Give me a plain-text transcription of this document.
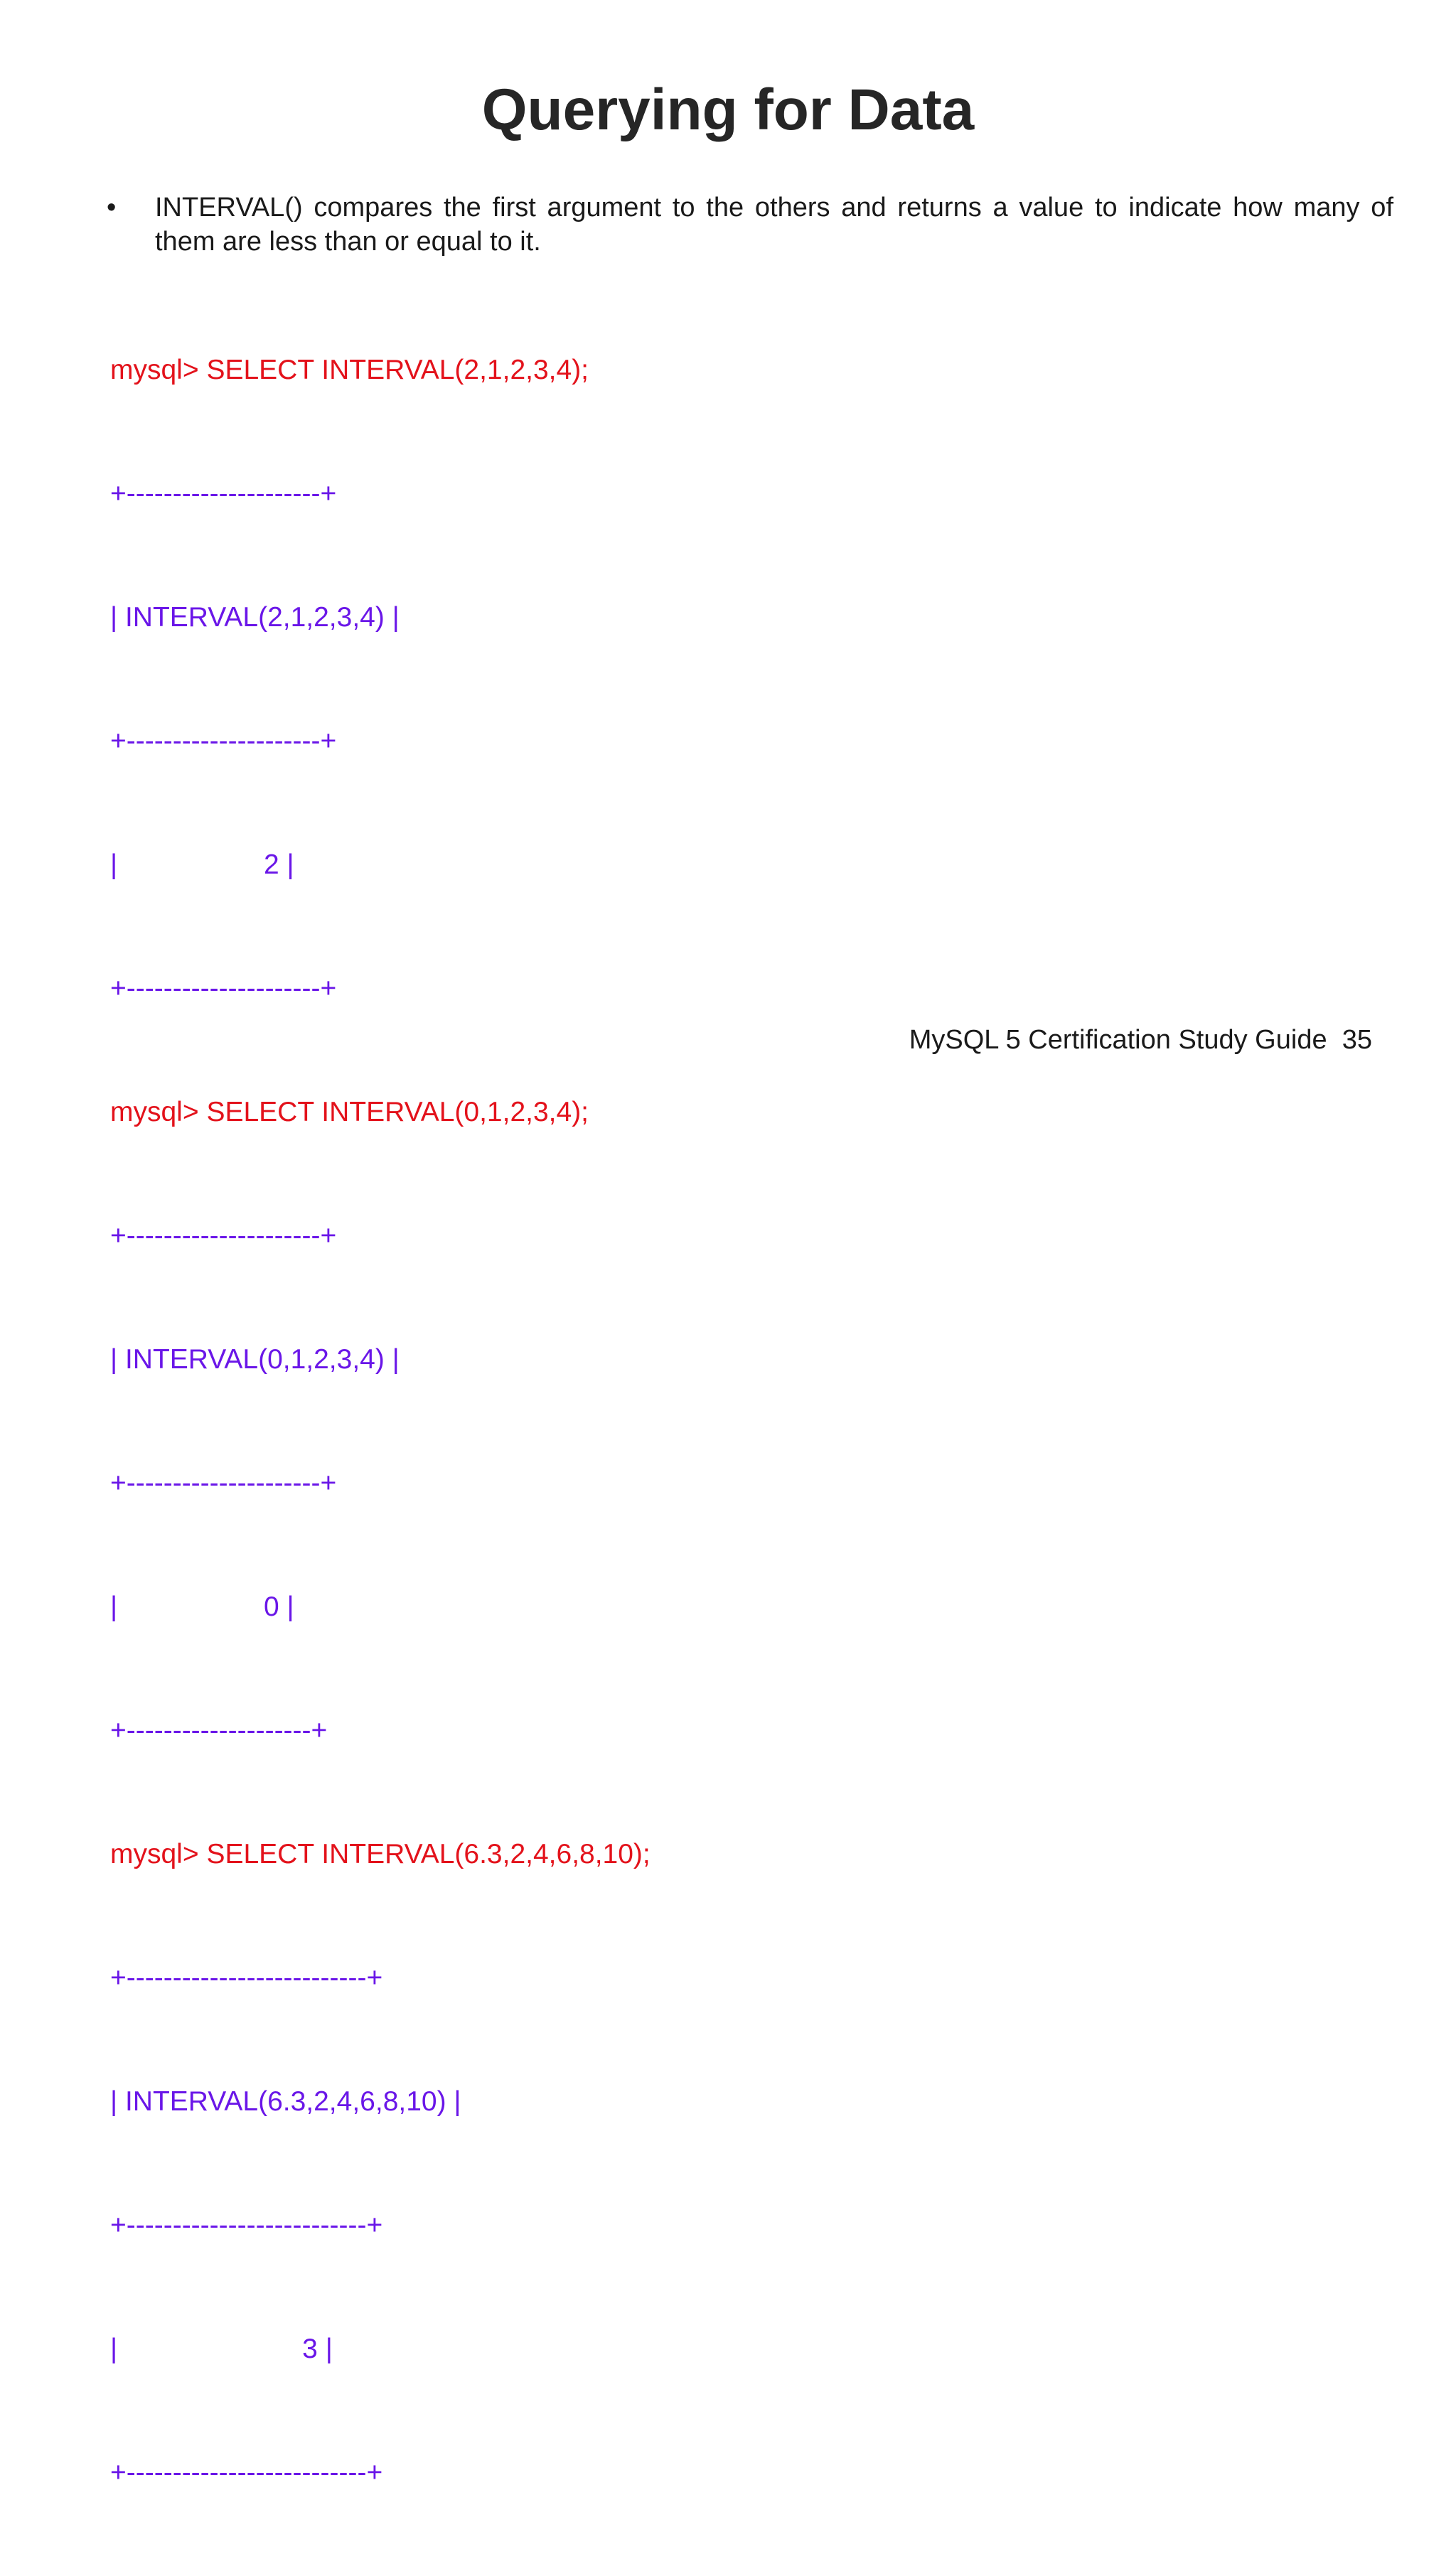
Querying for Data
• INTERVAL() compares the first argument to the others and returns a value to indicate how many of them are less than or equal to it.

mysql> SELECT INTERVAL(2,1,2,3,4);

+---------------------+

| INTERVAL(2,1,2,3,4) |

+---------------------+

|                   2 |

+---------------------+

mysql> SELECT INTERVAL(0,1,2,3,4);

+---------------------+

| INTERVAL(0,1,2,3,4) |

+---------------------+

|                   0 |

+--------------------+

mysql> SELECT INTERVAL(6.3,2,4,6,8,10);

+--------------------------+

| INTERVAL(6.3,2,4,6,8,10) |

+--------------------------+

|                        3 |

+--------------------------+

MySQL 5 Certification Study Guide 35
